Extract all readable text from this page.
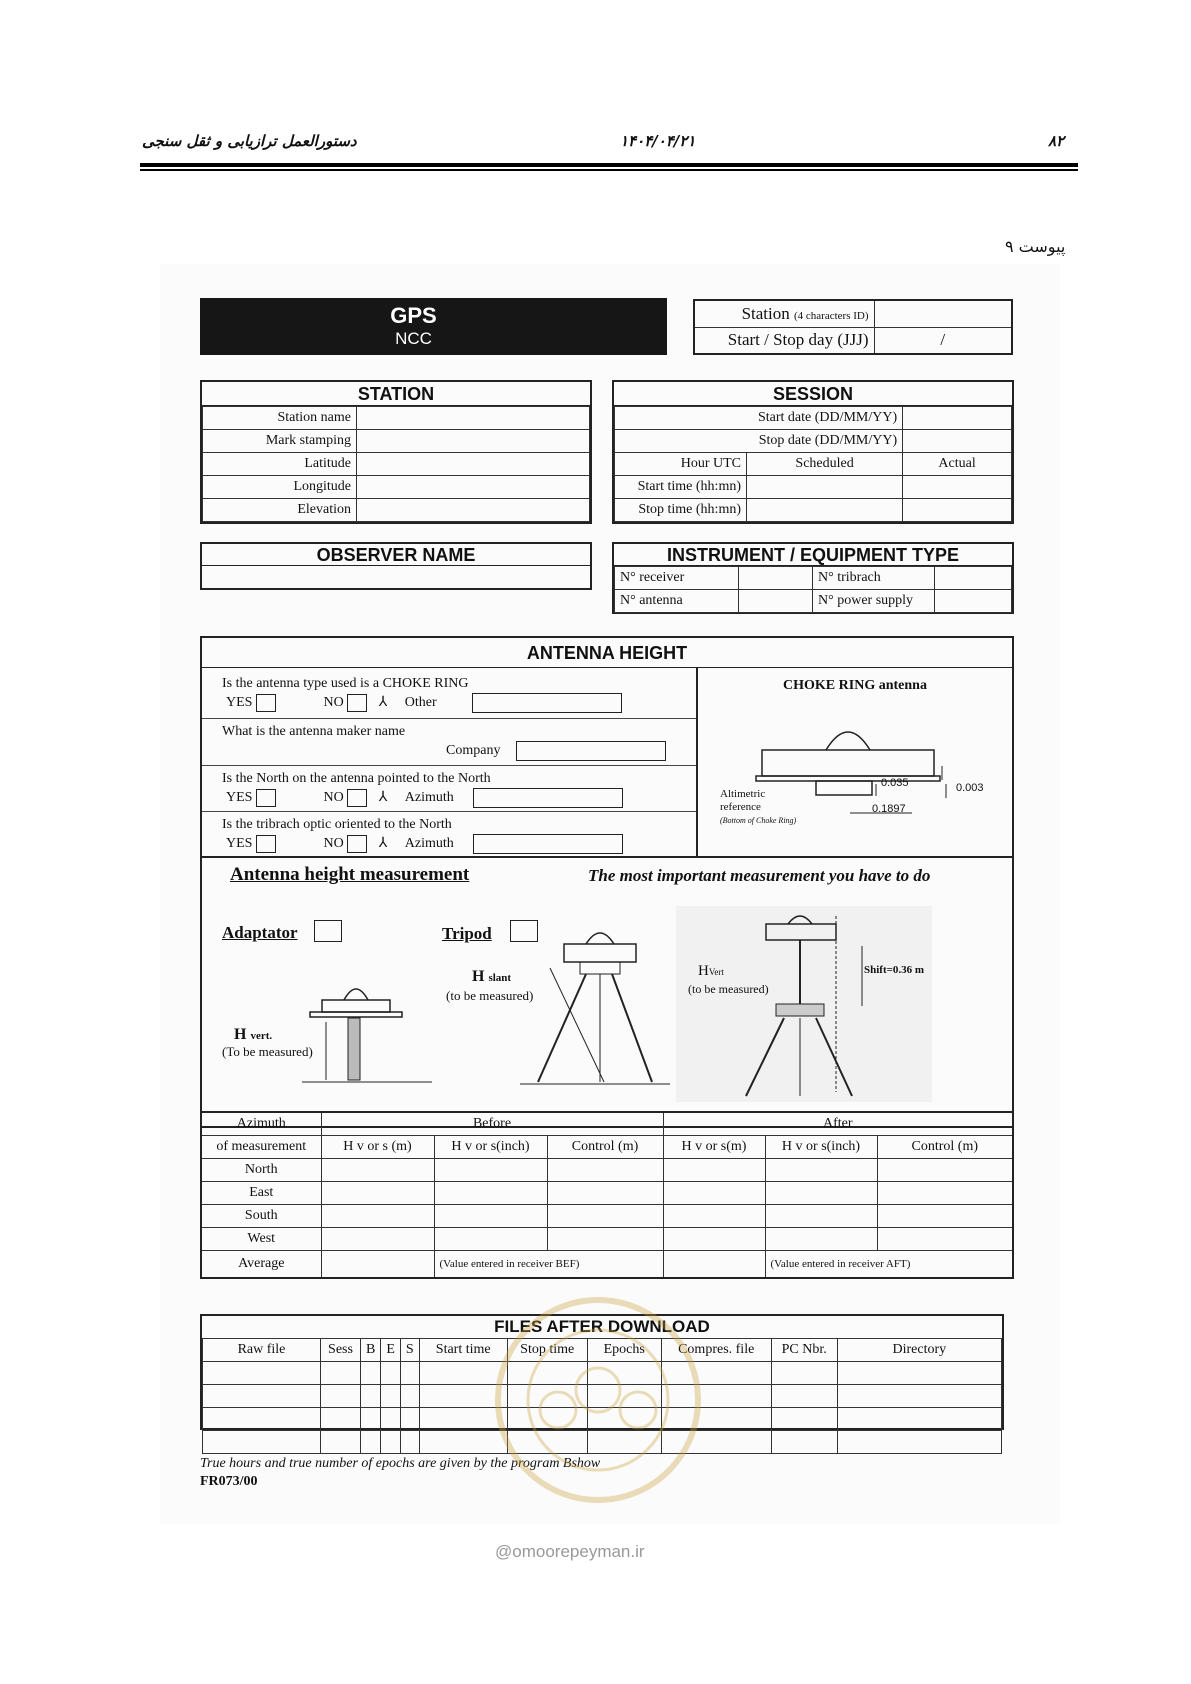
۸۲
۱۴۰۴/۰۴/۲۱
دستورالعمل ترازیابی و ثقل سنجی
پیوست ۹
GPS
NCC
Station (4 characters ID)	
Start / Stop day (JJJ)	/
STATION
Station name	
Mark stamping	
Latitude	
Longitude	
Elevation	
SESSION
Start date (DD/MM/YY)		
Stop date (DD/MM/YY)		
Hour UTC	Scheduled	Actual
Start time (hh:mn)		
Stop time (hh:mn)		
OBSERVER NAME	INSTRUMENT / EQUIPMENT TYPE
N° receiver		N° tribrach	
N° antenna		N° power supply	
ANTENNA HEIGHT
Is the antenna type used is a CHOKE RING
YES	NO	⅄ Other
What is the antenna maker name
Company
Is the North on the antenna pointed to the North
YES	NO	⅄ Azimuth
Is the tribrach optic oriented to the North
YES	NO	⅄ Azimuth
CHOKE RING antenna
0.035	0.003
0.1897
Altimetric
reference
(Bottom of Choke Ring)
Antenna height measurement	The most important measurement you have to do
Adaptator	Tripod
H vert.
(To be measured)
H slant
(to be measured)
HVert
(to be measured)
Shift=0.36 m
Azimuth	Before			After		
of measurement	H v or s (m)	H v or s(inch)	Control (m)	H v or s(m)	H v or s(inch)	Control (m)
North						
East						
South						
West						
Average		(Value entered in receiver BEF)			(Value entered in receiver AFT)	
FILES AFTER DOWNLOAD
Raw file	Sess	B	E	S	Start time	Stop time	Epochs	Compres. file	PC Nbr.	Directory

True hours and true number of epochs are given by the program Bshow
FR073/00
@omoorepeyman.ir
